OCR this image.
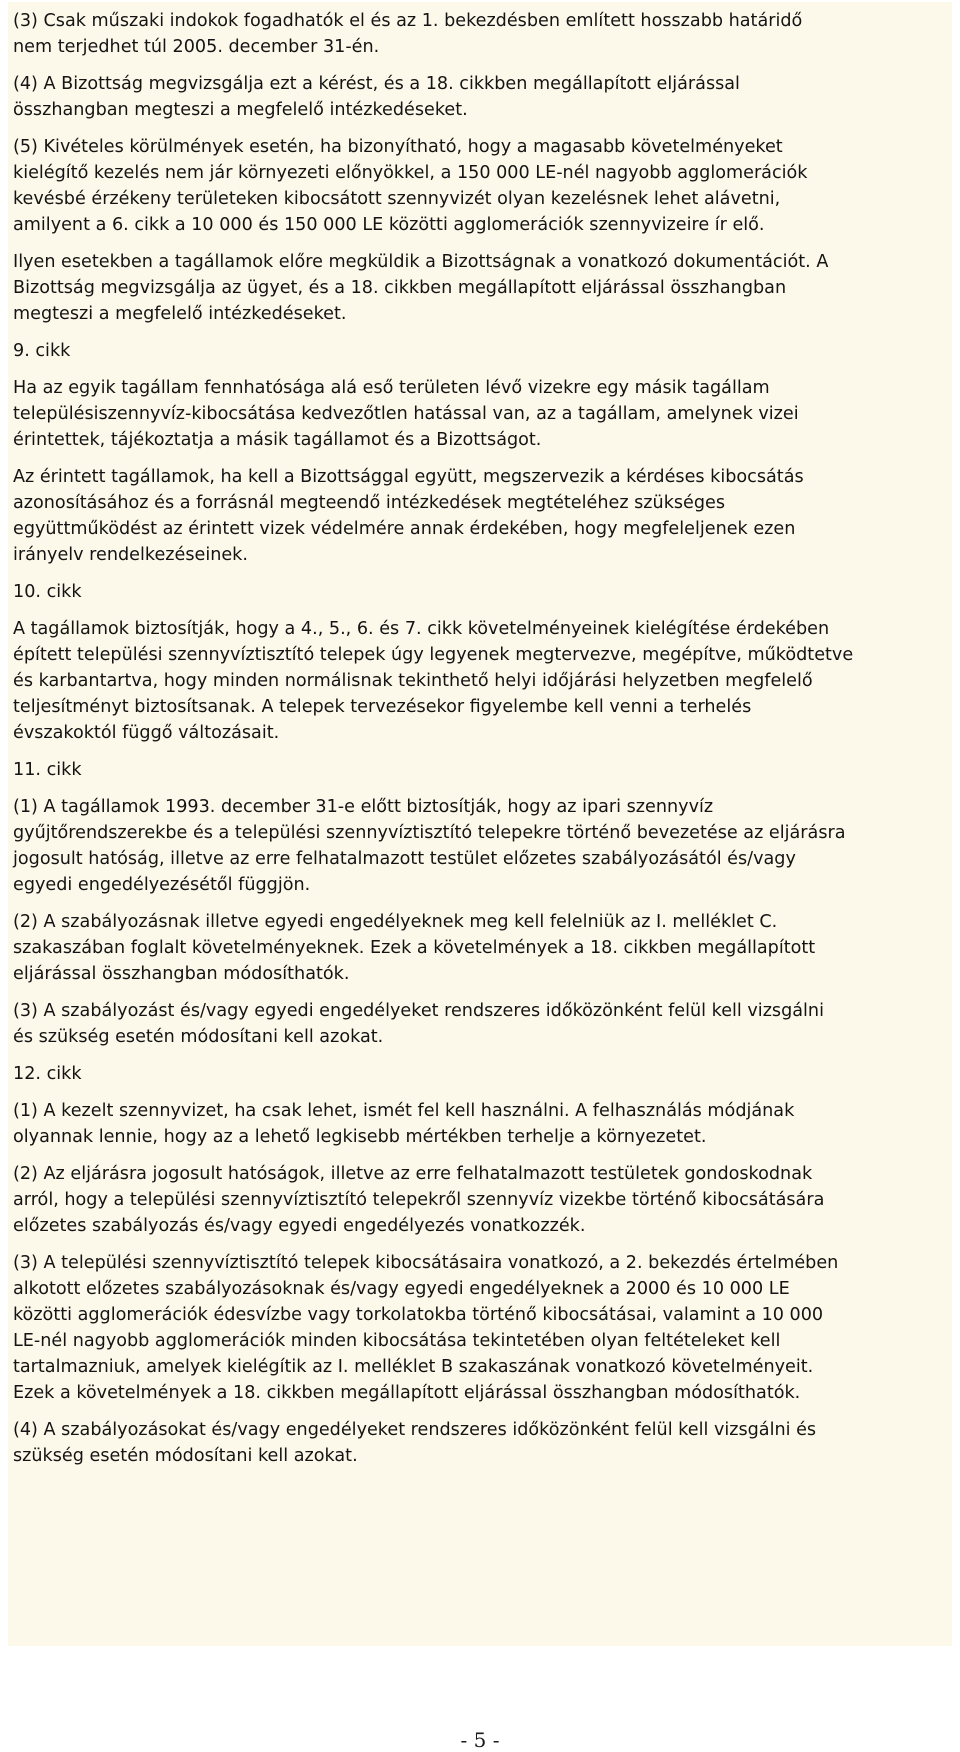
(3) Csak műszaki indokok fogadhatók el és az 1. bekezdésben említett hosszabb határidő
nem terjedhet túl 2005. december 31-én.
(4) A Bizottság megvizsgálja ezt a kérést, és a 18. cikkben megállapított eljárással
összhangban megteszi a megfelelő intézkedéseket.
(5) Kivételes körülmények esetén, ha bizonyítható, hogy a magasabb követelményeket
kielégítő kezelés nem jár környezeti előnyökkel, a 150 000 LE-nél nagyobb agglomerációk
kevésbé érzékeny területeken kibocsátott szennyvizét olyan kezelésnek lehet alávetni,
amilyent a 6. cikk a 10 000 és 150 000 LE közötti agglomerációk szennyvizeire ír elő.
Ilyen esetekben a tagállamok előre megküldik a Bizottságnak a vonatkozó dokumentációt. A
Bizottság megvizsgálja az ügyet, és a 18. cikkben megállapított eljárással összhangban
megteszi a megfelelő intézkedéseket.
9. cikk
Ha az egyik tagállam fennhatósága alá eső területen lévő vizekre egy másik tagállam
településiszennyvíz-kibocsátása kedvezőtlen hatással van, az a tagállam, amelynek vizei
érintettek, tájékoztatja a másik tagállamot és a Bizottságot.
Az érintett tagállamok, ha kell a Bizottsággal együtt, megszervezik a kérdéses kibocsátás
azonosításához és a forrásnál megteendő intézkedések megtételéhez szükséges
együttműködést az érintett vizek védelmére annak érdekében, hogy megfeleljenek ezen
irányelv rendelkezéseinek.
10. cikk
A tagállamok biztosítják, hogy a 4., 5., 6. és 7. cikk követelményeinek kielégítése érdekében
épített települési szennyvíztisztító telepek úgy legyenek megtervezve, megépítve, működtetve
és karbantartva, hogy minden normálisnak tekinthető helyi időjárási helyzetben megfelelő
teljesítményt biztosítsanak. A telepek tervezésekor figyelembe kell venni a terhelés
évszakoktól függő változásait.
11. cikk
(1) A tagállamok 1993. december 31-e előtt biztosítják, hogy az ipari szennyvíz
gyűjtőrendszerekbe és a települési szennyvíztisztító telepekre történő bevezetése az eljárásra
jogosult hatóság, illetve az erre felhatalmazott testület előzetes szabályozásától és/vagy
egyedi engedélyezésétől függjön.
(2) A szabályozásnak illetve egyedi engedélyeknek meg kell felelniük az I. melléklet C.
szakaszában foglalt követelményeknek. Ezek a követelmények a 18. cikkben megállapított
eljárással összhangban módosíthatók.
(3) A szabályozást és/vagy egyedi engedélyeket rendszeres időközönként felül kell vizsgálni
és szükség esetén módosítani kell azokat.
12. cikk
(1) A kezelt szennyvizet, ha csak lehet, ismét fel kell használni. A felhasználás módjának
olyannak lennie, hogy az a lehető legkisebb mértékben terhelje a környezetet.
(2) Az eljárásra jogosult hatóságok, illetve az erre felhatalmazott testületek gondoskodnak
arról, hogy a települési szennyvíztisztító telepekről szennyvíz vizekbe történő kibocsátására
előzetes szabályozás és/vagy egyedi engedélyezés vonatkozzék.
(3) A települési szennyvíztisztító telepek kibocsátásaira vonatkozó, a 2. bekezdés értelmében
alkotott előzetes szabályozásoknak és/vagy egyedi engedélyeknek a 2000 és 10 000 LE
közötti agglomerációk édesvízbe vagy torkolatokba történő kibocsátásai, valamint a 10 000
LE-nél nagyobb agglomerációk minden kibocsátása tekintetében olyan feltételeket kell
tartalmazniuk, amelyek kielégítik az I. melléklet B szakaszának vonatkozó követelményeit.
Ezek a követelmények a 18. cikkben megállapított eljárással összhangban módosíthatók.
(4) A szabályozásokat és/vagy engedélyeket rendszeres időközönként felül kell vizsgálni és
szükség esetén módosítani kell azokat.
- 5 -
